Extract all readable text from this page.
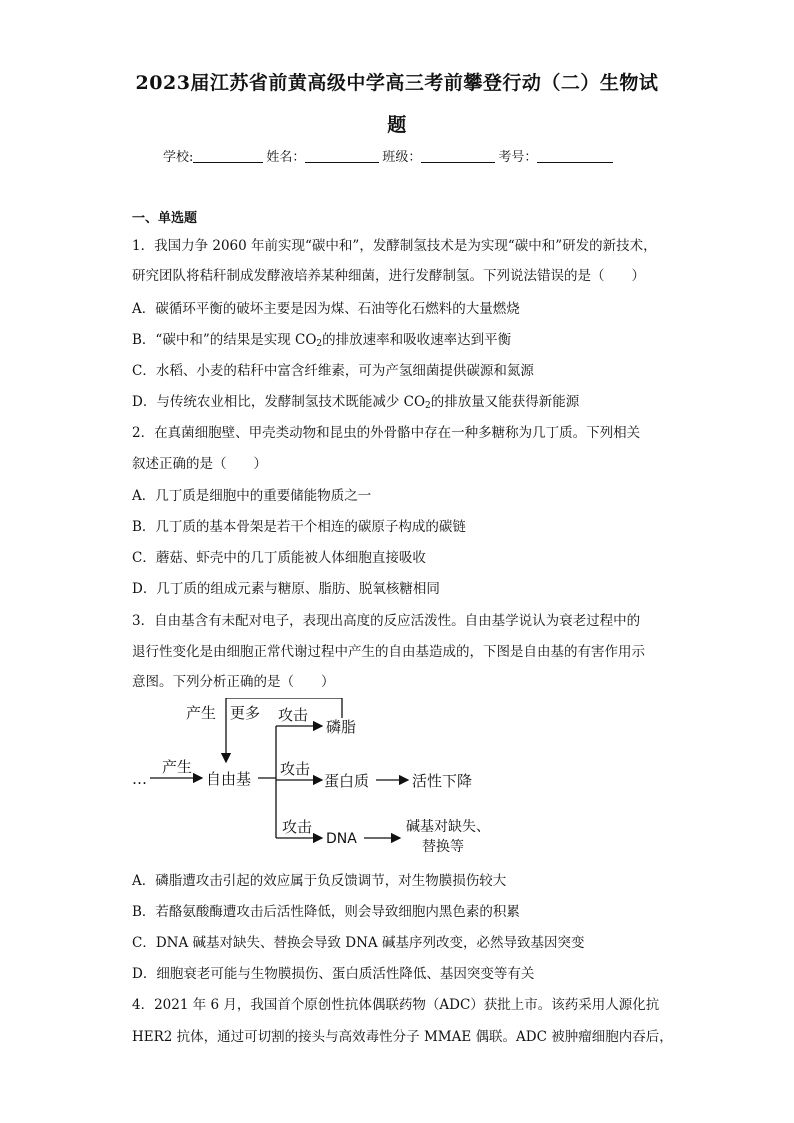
2023届江苏省前黄高级中学高三考前攀登行动（二）生物试
题
学校:	姓名：	班级：	考号：
一、单选题
1．我国力争 2060 年前实现“碳中和”，发酵制氢技术是为实现“碳中和”研发的新技术，
研究团队将秸秆制成发酵液培养某种细菌，进行发酵制氢。下列说法错误的是（　　）
A．碳循环平衡的破坏主要是因为煤、石油等化石燃料的大量燃烧
B．“碳中和”的结果是实现 $CO_2$的排放速率和吸收速率达到平衡
C．水稻、小麦的秸秆中富含纤维素，可为产氢细菌提供碳源和氮源
D．与传统农业相比，发酵制氢技术既能减少 $CO_2$的排放量又能获得新能源
2．在真菌细胞壁、甲壳类动物和昆虫的外骨骼中存在一种多糖称为几丁质。下列相关
叙述正确的是（　　）
A．几丁质是细胞中的重要储能物质之一
B．几丁质的基本骨架是若干个相连的碳原子构成的碳链
C．蘑菇、虾壳中的几丁质能被人体细胞直接吸收
D．几丁质的组成元素与糖原、脂肪、脱氧核糖相同
3．自由基含有未配对电子，表现出高度的反应活泼性。自由基学说认为衰老过程中的
退行性变化是由细胞正常代谢过程中产生的自由基造成的，下图是自由基的有害作用示
意图。下列分析正确的是（　　）
产生 更多
…
产生
自由基
攻击
磷脂
攻击
蛋白质	活性下降
攻击
DNA
碱基对缺失、
替换等
A．磷脂遭攻击引起的效应属于负反馈调节，对生物膜损伤较大
B．若酪氨酸酶遭攻击后活性降低，则会导致细胞内黑色素的积累
C．DNA 碱基对缺失、替换会导致 DNA 碱基序列改变，必然导致基因突变
D．细胞衰老可能与生物膜损伤、蛋白质活性降低、基因突变等有关
4．2021 年 6 月，我国首个原创性抗体偶联药物（ADC）获批上市。该药采用人源化抗
HER2 抗体，通过可切割的接头与高效毒性分子 MMAE 偶联。ADC 被肿瘤细胞内吞后，
